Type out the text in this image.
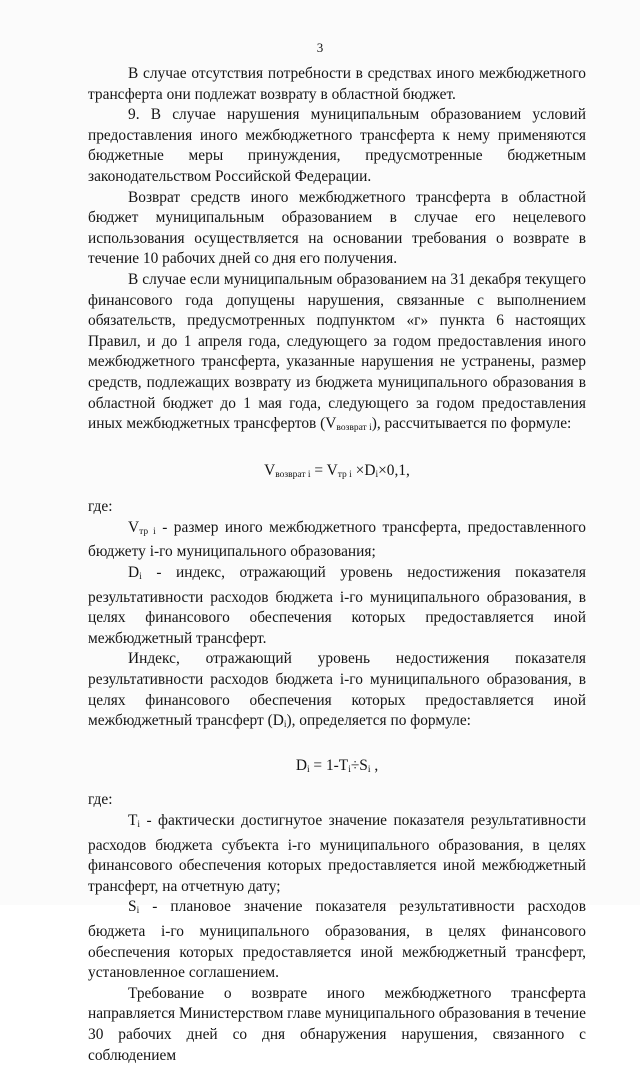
3

В случае отсутствия потребности в средствах иного межбюджетного трансферта они подлежат возврату в областной бюджет.

9. В случае нарушения муниципальным образованием условий предоставления иного межбюджетного трансферта к нему применяются бюджетные меры принуждения, предусмотренные бюджетным законодательством Российской Федерации.

Возврат средств иного межбюджетного трансферта в областной бюджет муниципальным образованием в случае его нецелевого использования осуществляется на основании требования о возврате в течение 10 рабочих дней со дня его получения.

В случае если муниципальным образованием на 31 декабря текущего финансового года допущены нарушения, связанные с выполнением обязательств, предусмотренных подпунктом «г» пункта 6 настоящих Правил, и до 1 апреля года, следующего за годом предоставления иного межбюджетного трансферта, указанные нарушения не устранены, размер средств, подлежащих возврату из бюджета муниципального образования в областной бюджет до 1 мая года, следующего за годом предоставления иных межбюджетных трансфертов $(V_{возврат i})$, рассчитывается по формуле:

$V_{возврат i} = V_{тр i} \times D_i\times 0,1$,

где:

$V_{тр i}$ - размер иного межбюджетного трансферта, предоставленного бюджету i-го муниципального образования;

$D_i$ - индекс, отражающий уровень недостижения показателя результативности расходов бюджета i-го муниципального образования, в целях финансового обеспечения которых предоставляется иной межбюджетный трансферт.

Индекс, отражающий уровень недостижения показателя результативности расходов бюджета i-го муниципального образования, в целях финансового обеспечения которых предоставляется иной межбюджетный трансферт $(D_i)$, определяется по формуле:

$D_i = 1-T_i\div S_i$ ,

где:

$T_i$ - фактически достигнутое значение показателя результативности расходов бюджета субъекта i-го муниципального образования, в целях финансового обеспечения которых предоставляется иной межбюджетный трансферт, на отчетную дату;

$S_i$ - плановое значение показателя результативности расходов бюджета i-го муниципального образования, в целях финансового обеспечения которых предоставляется иной межбюджетный трансферт, установленное соглашением.

Требование о возврате иного межбюджетного трансферта направляется Министерством главе муниципального образования в течение 30 рабочих дней со дня обнаружения нарушения, связанного с соблюдением
